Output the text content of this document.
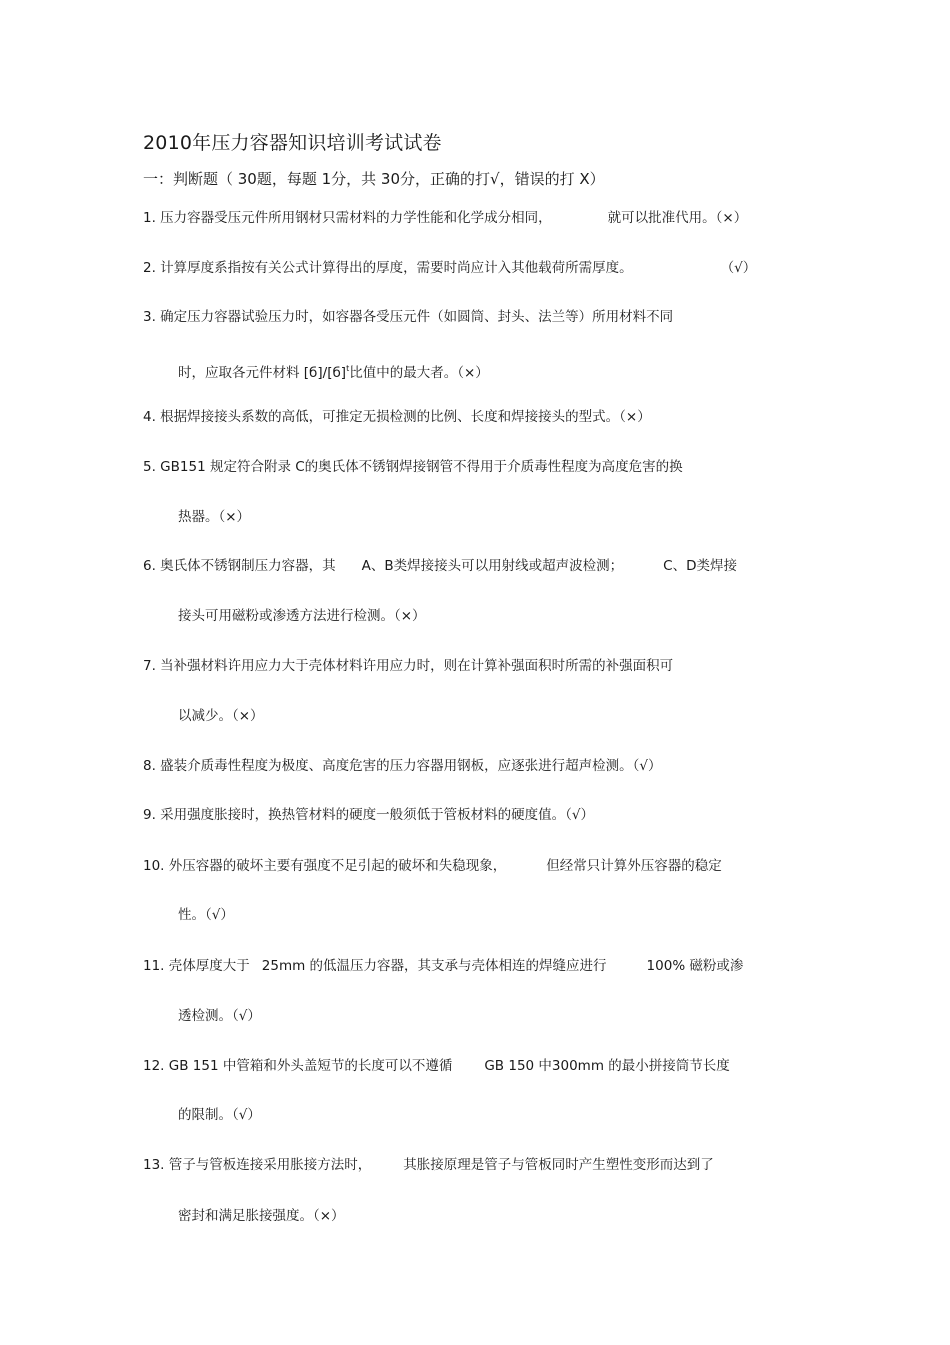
2010年压力容器知识培训考试试卷
一：判断题（ 30题，每题 1分，共 30分，正确的打√，错误的打 X）
1. 压力容器受压元件所用钢材只需材料的力学性能和化学成分相同，	就可以批准代用。（×）
2. 计算厚度系指按有关公式计算得出的厚度，需要时尚应计入其他载荷所需厚度。	（√）
3. 确定压力容器试验压力时，如容器各受压元件（如圆筒、封头、法兰等）所用材料不同
时，应取各元件材料 $[б]/[б]^t$比值中的最大者。（×）
4. 根据焊接接头系数的高低，可推定无损检测的比例、长度和焊接接头的型式。（×）
5. GB151 规定符合附录 C的奥氏体不锈钢焊接钢管不得用于介质毒性程度为高度危害的换
热器。（×）
6. 奥氏体不锈钢制压力容器，其 A、B类焊接接头可以用射线或超声波检测；	C、D类焊接
接头可用磁粉或渗透方法进行检测。（×）
7. 当补强材料许用应力大于壳体材料许用应力时，则在计算补强面积时所需的补强面积可
以减少。（×）
8. 盛装介质毒性程度为极度、高度危害的压力容器用钢板，应逐张进行超声检测。（√）
9. 采用强度胀接时，换热管材料的硬度一般须低于管板材料的硬度值。（√）
10. 外压容器的破坏主要有强度不足引起的破坏和失稳现象，	但经常只计算外压容器的稳定
性。（√）
11. 壳体厚度大于 25mm 的低温压力容器，其支承与壳体相连的焊缝应进行	100% 磁粉或渗
透检测。（√）
12. GB 151 中管箱和外头盖短节的长度可以不遵循 GB 150 中300mm 的最小拼接筒节长度
的限制。（√）
13. 管子与管板连接采用胀接方法时， 其胀接原理是管子与管板同时产生塑性变形而达到了
密封和满足胀接强度。（×）
